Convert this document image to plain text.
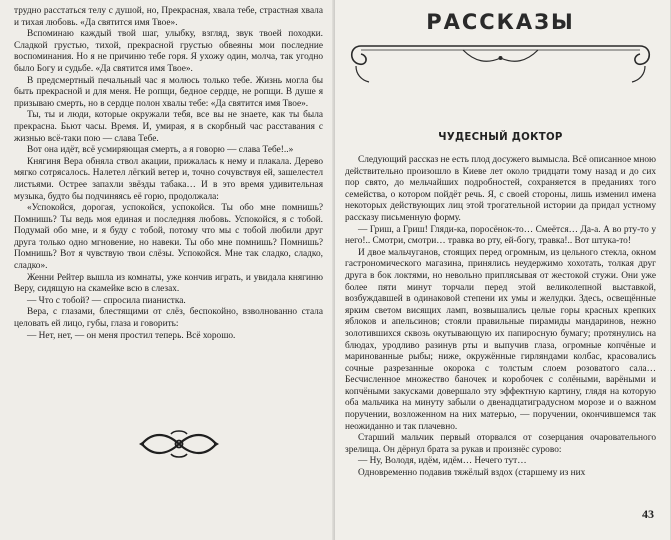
трудно расстаться телу с душой, но, Прекрасная, хвала тебе, страстная хвала и тихая любовь. «Да святится имя Твое».

Вспоминаю каждый твой шаг, улыбку, взгляд, звук твоей походки. Сладкой грустью, тихой, прекрасной грустью обвеяны мои последние воспоминания. Но я не причиню тебе горя. Я ухожу один, молча, так угодно было Богу и судьбе. «Да святится имя Твое».

В предсмертный печальный час я молюсь только тебе. Жизнь могла бы быть прекрасной и для меня. Не ропщи, бедное сердце, не ропщи. В душе я призываю смерть, но в сердце полон хвалы тебе: «Да святится имя Твое».

Ты, ты и люди, которые окружали тебя, все вы не знаете, как ты была прекрасна. Бьют часы. Время. И, умирая, я в скорбный час расставания с жизнью всё-таки пою — слава Тебе.

Вот она идёт, всё усмиряющая смерть, а я говорю — слава Тебе!..»

Княгиня Вера обняла ствол акации, прижалась к нему и плакала. Дерево мягко сотрясалось. Налетел лёгкий ветер и, точно сочувствуя ей, зашелестел листьями. Острее запахли звёзды табака… И в это время удивительная музыка, будто бы подчиняясь её горю, продолжала:

«Успокойся, дорогая, успокойся, успокойся. Ты обо мне помнишь? Помнишь? Ты ведь моя единая и последняя любовь. Успокойся, я с тобой. Подумай обо мне, и я буду с тобой, потому что мы с тобой любили друг друга только одно мгновение, но навеки. Ты обо мне помнишь? Помнишь? Помнишь? Вот я чувствую твои слёзы. Успокойся. Мне так сладко, сладко, сладко».

Женни Рейтер вышла из комнаты, уже кончив играть, и увидала княгиню Веру, сидящую на скамейке всю в слезах.

— Что с тобой? — спросила пианистка.

Вера, с глазами, блестящими от слёз, беспокойно, взволнованно стала целовать ей лицо, губы, глаза и говорить:

— Нет, нет, — он меня простил теперь. Всё хорошо.

РАССКАЗЫ
ЧУДЕСНЫЙ ДОКТОР

Следующий рассказ не есть плод досужего вымысла. Всё описанное мною действительно произошло в Киеве лет около тридцати тому назад и до сих пор свято, до мельчайших подробностей, сохраняется в преданиях того семейства, о котором пойдёт речь. Я, с своей стороны, лишь изменил имена некоторых действующих лиц этой трогательной истории да придал устному рассказу письменную форму.

— Гриш, а Гриш! Гляди-ка, поросёнок-то… Смеётся… Да-а. А во рту-то у него!.. Смотри, смотри… травка во рту, ей-богу, травка!.. Вот штука-то!

И двое мальчуганов, стоящих перед огромным, из цельного стекла, окном гастрономического магазина, принялись неудержимо хохотать, толкая друг друга в бок локтями, но невольно приплясывая от жестокой стужи. Они уже более пяти минут торчали перед этой великолепной выставкой, возбуждавшей в одинаковой степени их умы и желудки. Здесь, освещённые ярким светом висящих ламп, возвышались целые горы красных крепких яблоков и апельсинов; стояли правильные пирамиды мандаринов, нежно золотившихся сквозь окутывающую их папиросную бумагу; протянулись на блюдах, уродливо разинув рты и выпучив глаза, огромные копчёные и маринованные рыбы; ниже, окружённые гирляндами колбас, красовались сочные разрезанные окорока с толстым слоем розоватого сала… Бесчисленное множество баночек и коробочек с солёными, варёными и копчёными закусками довершало эту эффектную картину, глядя на которую оба мальчика на минуту забыли о двенадцатиградусном морозе и о важном поручении, возложенном на них матерью, — поручении, окончившемся так неожиданно и так плачевно.

Старший мальчик первый оторвался от созерцания очаровательного зрелища. Он дёрнул брата за рукав и произнёс сурово:

— Ну, Володя, идём, идём… Нечего тут…

Одновременно подавив тяжёлый вздох (старшему из них

43
